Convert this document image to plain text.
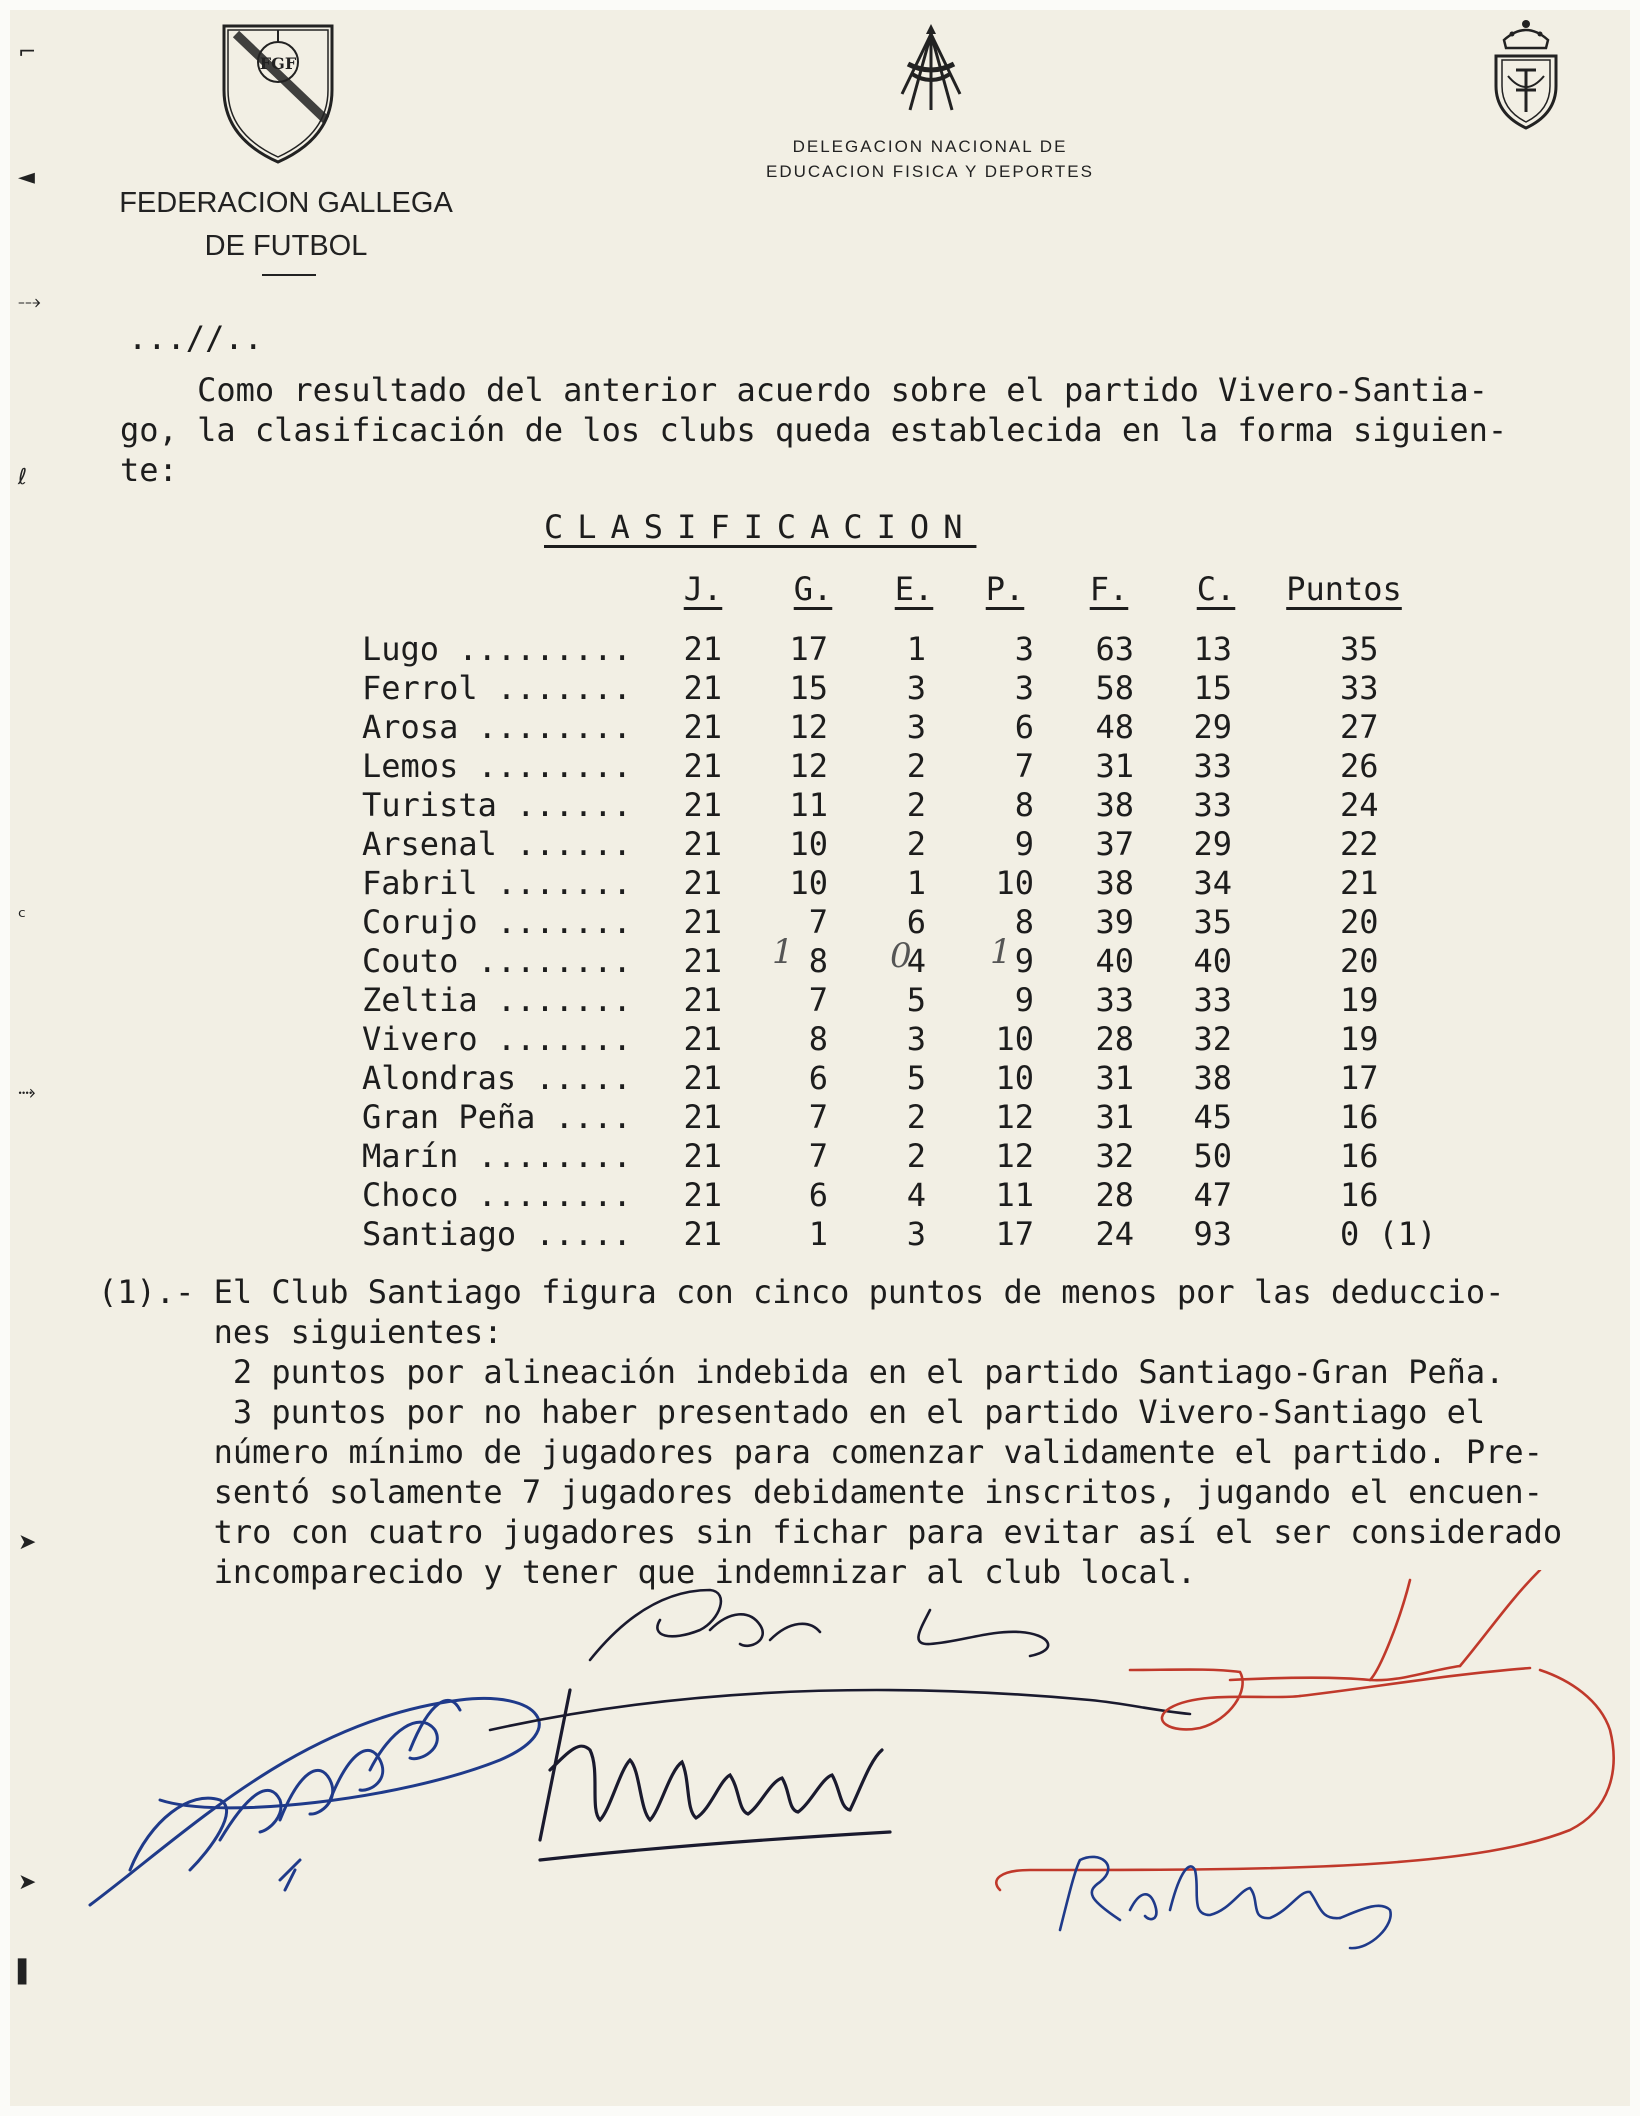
⌐
◄
⤏
ℓ
ᶜ
⤑
➤
➤
▌
FGF
FEDERACION GALLEGA
DE FUTBOL
DELEGACION NACIONAL DE
EDUCACION FISICA Y DEPORTES
...//..
Como resultado del anterior acuerdo sobre el partido Vivero-Santia-
go, la clasificación de los clubs queda establecida en la forma siguien-
te:
CLASIFICACION
J.	G.	E.	P.	F.	C.	Puntos
Lugo .........	21	17	1	3	63	13	35
Ferrol .......	21	15	3	3	58	15	33
Arosa ........	21	12	3	6	48	29	27
Lemos ........	21	12	2	7	31	33	26
Turista ......	21	11	2	8	38	33	24
Arsenal ......	21	10	2	9	37	29	22
Fabril .......	21	10	1	10	38	34	21
Corujo .......	21	7	6	8	39	35	20
Couto ........	21	8	4	9	40	40	20
Zeltia .......	21	7	5	9	33	33	19
Vivero .......	21	8	3	10	28	32	19
Alondras .....	21	6	5	10	31	38	17
Gran Peña ....	21	7	2	12	31	45	16
Marín ........	21	7	2	12	32	50	16
Choco ........	21	6	4	11	28	47	16
Santiago .....	21	1	3	17	24	93	0 (1)
1	0 1
(1).- El Club Santiago figura con cinco puntos de menos por las deduccio-
nes siguientes:
2 puntos por alineación indebida en el partido Santiago-Gran Peña.
3 puntos por no haber presentado en el partido Vivero-Santiago el
número mínimo de jugadores para comenzar validamente el partido. Pre-
sentó solamente 7 jugadores debidamente inscritos, jugando el encuen-
tro con cuatro jugadores sin fichar para evitar así el ser considerado
incomparecido y tener que indemnizar al club local.
